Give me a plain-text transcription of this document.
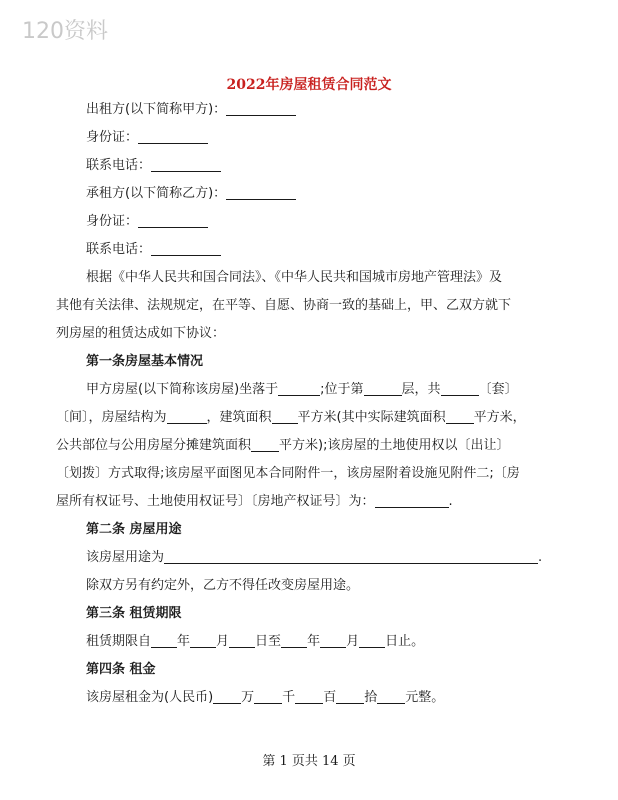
120资料
2022年房屋租赁合同范文
出租方(以下简称甲方)：
身份证：
联系电话：
承租方(以下简称乙方)：
身份证：
联系电话：
根据《中华人民共和国合同法》、《中华人民共和国城市房地产管理法》及
其他有关法律、法规规定，在平等、自愿、协商一致的基础上，甲、乙双方就下
列房屋的租赁达成如下协议：
第一条房屋基本情况
甲方房屋(以下简称该房屋)坐落于	;位于第	层，共	〔套〕
〔间〕，房屋结构为	，建筑面积 平方米(其中实际建筑面积 平方米，
公共部位与公用房屋分摊建筑面积 平方米);该房屋的土地使用权以〔出让〕
〔划拨〕方式取得;该房屋平面图见本合同附件一，该房屋附着设施见附件二;〔房
屋所有权证号、土地使用权证号〕〔房地产权证号〕为：	.
第二条 房屋用途
该房屋用途为	.
除双方另有约定外，乙方不得任改变房屋用途。
第三条 租赁期限
租赁期限自 年 月 日至 年 月 日止。
第四条 租金
该房屋租金为(人民币) 万 千 百 拾 元整。
第 1 页共 14 页
